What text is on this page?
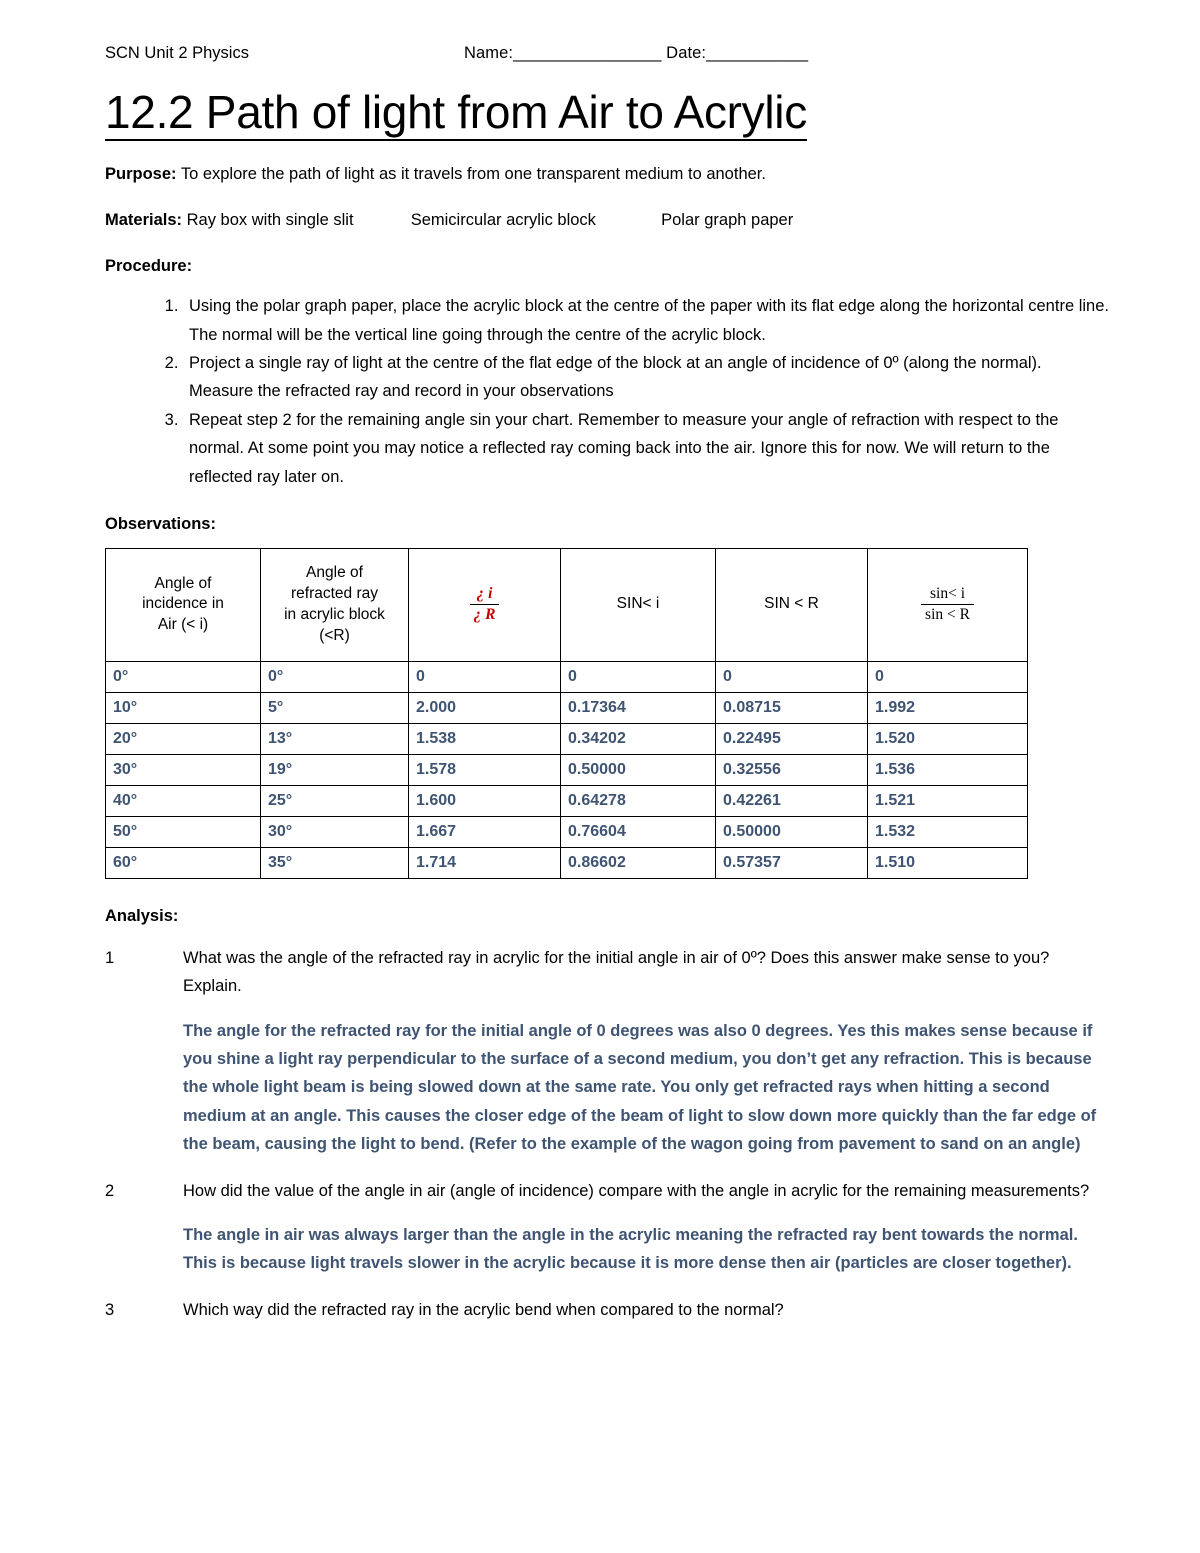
SCN Unit 2 Physics	Name:________________ Date:___________
12.2 Path of light from Air to Acrylic
Purpose: To explore the path of light as it travels from one transparent medium to another.
Materials: Ray box with single slit	Semicircular acrylic block	Polar graph paper
Procedure:
1. Using the polar graph paper, place the acrylic block at the centre of the paper with its flat edge along the horizontal centre line. The normal will be the vertical line going through the centre of the acrylic block.
2. Project a single ray of light at the centre of the flat edge of the block at an angle of incidence of 0º (along the normal). Measure the refracted ray and record in your observations
3. Repeat step 2 for the remaining angle sin your chart. Remember to measure your angle of refraction with respect to the normal. At some point you may notice a reflected ray coming back into the air. Ignore this for now. We will return to the reflected ray later on.
Observations:
Angle of
incidence in
Air (< i)	Angle of
refracted ray
in acrylic block
(<R)	$\frac{¿ i}{¿ R}$	SIN< i	SIN < R	$\frac{\sin< i}{\sin < R}$

0°	0°	0	0	0	0
10°	5°	2.000	0.17364	0.08715	1.992
20°	13°	1.538	0.34202	0.22495	1.520
30°	19°	1.578	0.50000	0.32556	1.536
40°	25°	1.600	0.64278	0.42261	1.521
50°	30°	1.667	0.76604	0.50000	1.532
60°	35°	1.714	0.86602	0.57357	1.510
Analysis:
1	What was the angle of the refracted ray in acrylic for the initial angle in air of 0º? Does this answer make sense to you? Explain.
The angle for the refracted ray for the initial angle of 0 degrees was also 0 degrees. Yes this makes sense because if you shine a light ray perpendicular to the surface of a second medium, you don’t get any refraction. This is because the whole light beam is being slowed down at the same rate. You only get refracted rays when hitting a second medium at an angle. This causes the closer edge of the beam of light to slow down more quickly than the far edge of the beam, causing the light to bend. (Refer to the example of the wagon going from pavement to sand on an angle)
2	How did the value of the angle in air (angle of incidence) compare with the angle in acrylic for the remaining measurements?
The angle in air was always larger than the angle in the acrylic meaning the refracted ray bent towards the normal. This is because light travels slower in the acrylic because it is more dense then air (particles are closer together).
3	Which way did the refracted ray in the acrylic bend when compared to the normal?
